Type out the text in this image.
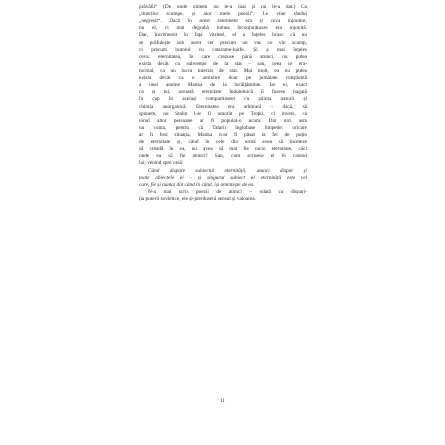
prăvălii“ (De unde nimeni nu le-a luat și nu le-a dat.) Ca
„tinerilor scumpe, și alor mele poezii“. Le vine rândul
„negreșit“. Dacă în acest sentiment era și ceva injonitor,
nu el, ci mai degrabă lumea înconjurătoare era injonită.
Dar, încremenit în fața vitrinei, el a înțeles brusc că nu
se prăfuiește sub acest cer precum un vas cu vin scump,
ci precum butoiul cu catarame-harfe. Și a mai înțeles
ceva: eternitatea, în care crezuse până atunci, nu putea
exista decât cu subvenție de la stat – sau, ceea ce era-
tocmai, ca un lucru interzis de stat. Mai mult, ea nu putea
exista decât ca o amintire doar pe jumătate conștientă
a unei anume Manka de la încălțăminte. Iar ei, exact
ca și lui, această eternitate îndoielnică îi fusese bagată
în cap în același compartiment cu știința naturii și
chimia anorganică. Eternitatea era arbitrară – dacă, să
spunem, nu Stalin l-ar fi omorât pe Troțki, ci invers, ca
tonul altor persoane ar fi populat-o acum. Dar nici asta
nu conta, pentru că Tatarii înglobase limpede: oricare
ar fi fost situația, Manka n-ar fi păsat la fel de puțin
de eternitate și, când în cele din urmă avea să înceteze
să creadă în ea, nu avea să mai fie nicio eternitate, căci
unde ea să fie atunci? Sau, cum scrisese el în caietul
lui, venind spre casă:
Când dispare subiectul eternității, atunci dispar și
toate obiectele ei – și singurul subiect al eternității este cel
care, fie și numai din când în când, își amintește de ea.
N-a mai scris poezii de atunci – odată cu dispari-
ția puterii sovietice, ele și-pierduseră sensul și valoarea.
11
